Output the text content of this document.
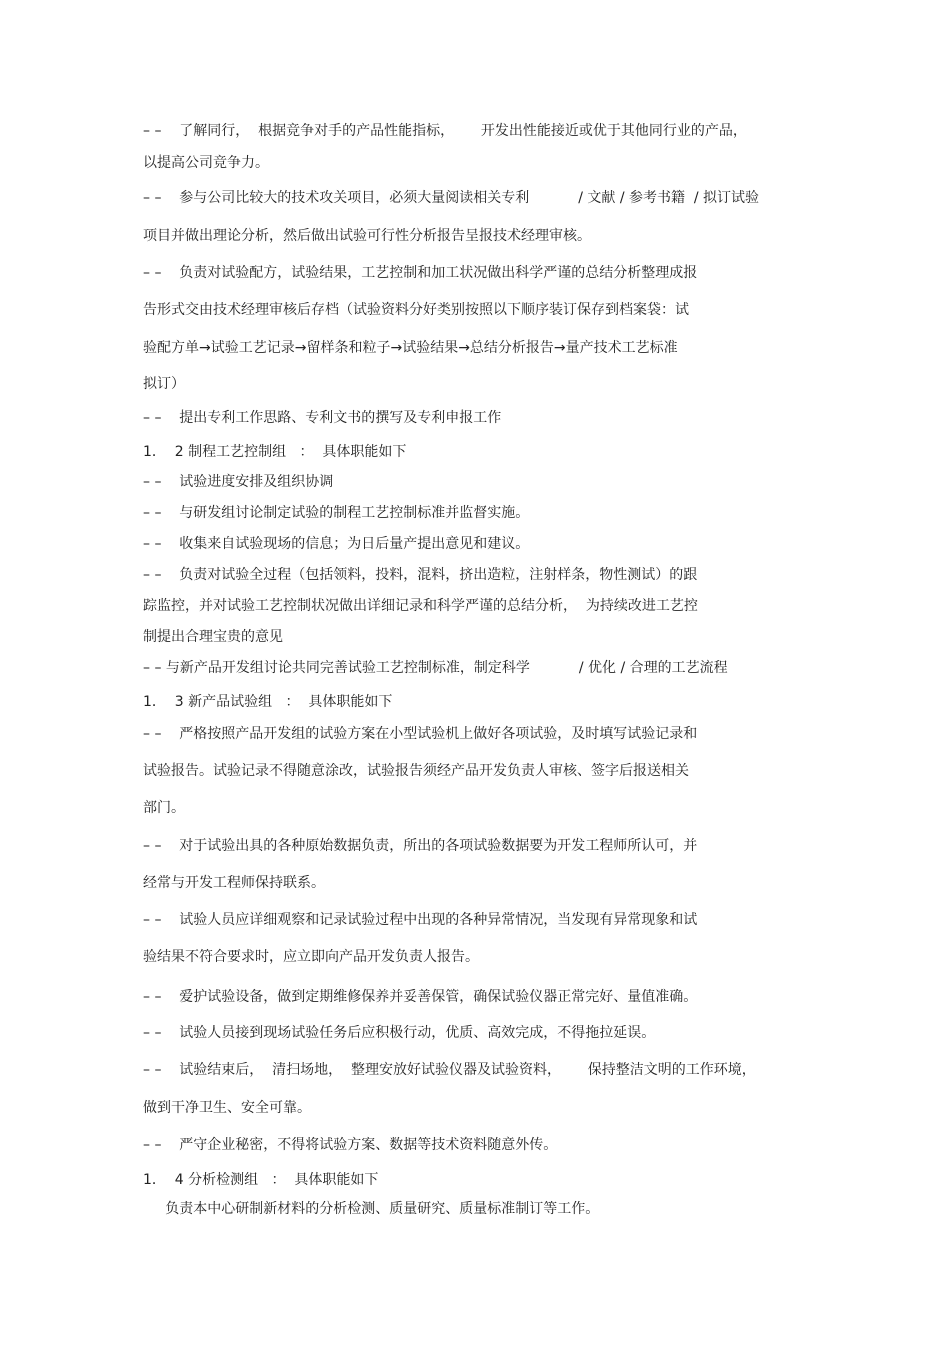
– –    了解同行，  根据竞争对手的产品性能指标，      开发出性能接近或优于其他同行业的产品，
以提高公司竞争力。
– –    参与公司比较大的技术攻关项目，必须大量阅读相关专利           / 文献 / 参考书籍  / 拟订试验
项目并做出理论分析，然后做出试验可行性分析报告呈报技术经理审核。
– –    负责对试验配方，试验结果，工艺控制和加工状况做出科学严谨的总结分析整理成报
告形式交由技术经理审核后存档（试验资料分好类别按照以下顺序装订保存到档案袋：试
验配方单→试验工艺记录→留样条和粒子→试验结果→总结分析报告→量产技术工艺标准
拟订）
– –    提出专利工作思路、专利文书的撰写及专利申报工作
1．  2 制程工艺控制组   ：  具体职能如下
– –    试验进度安排及组织协调
– –    与研发组讨论制定试验的制程工艺控制标准并监督实施。
– –    收集来自试验现场的信息；为日后量产提出意见和建议。
– –    负责对试验全过程（包括领料，投料，混料，挤出造粒，注射样条，物性测试）的跟
踪监控，并对试验工艺控制状况做出详细记录和科学严谨的总结分析，  为持续改进工艺控
制提出合理宝贵的意见
– – 与新产品开发组讨论共同完善试验工艺控制标准，制定科学           / 优化 / 合理的工艺流程
1．  3 新产品试验组   ：  具体职能如下
– –    严格按照产品开发组的试验方案在小型试验机上做好各项试验，及时填写试验记录和
试验报告。试验记录不得随意涂改，试验报告须经产品开发负责人审核、签字后报送相关
部门。
– –    对于试验出具的各种原始数据负责，所出的各项试验数据要为开发工程师所认可，并
经常与开发工程师保持联系。
– –    试验人员应详细观察和记录试验过程中出现的各种异常情况，当发现有异常现象和试
验结果不符合要求时，应立即向产品开发负责人报告。
– –    爱护试验设备，做到定期维修保养并妥善保管，确保试验仪器正常完好、量值准确。
– –    试验人员接到现场试验任务后应积极行动，优质、高效完成，不得拖拉延误。
– –    试验结束后，  清扫场地，  整理安放好试验仪器及试验资料，      保持整洁文明的工作环境，
做到干净卫生、安全可靠。
– –    严守企业秘密，不得将试验方案、数据等技术资料随意外传。
1．  4 分析检测组   ：  具体职能如下
负责本中心研制新材料的分析检测、质量研究、质量标准制订等工作。
